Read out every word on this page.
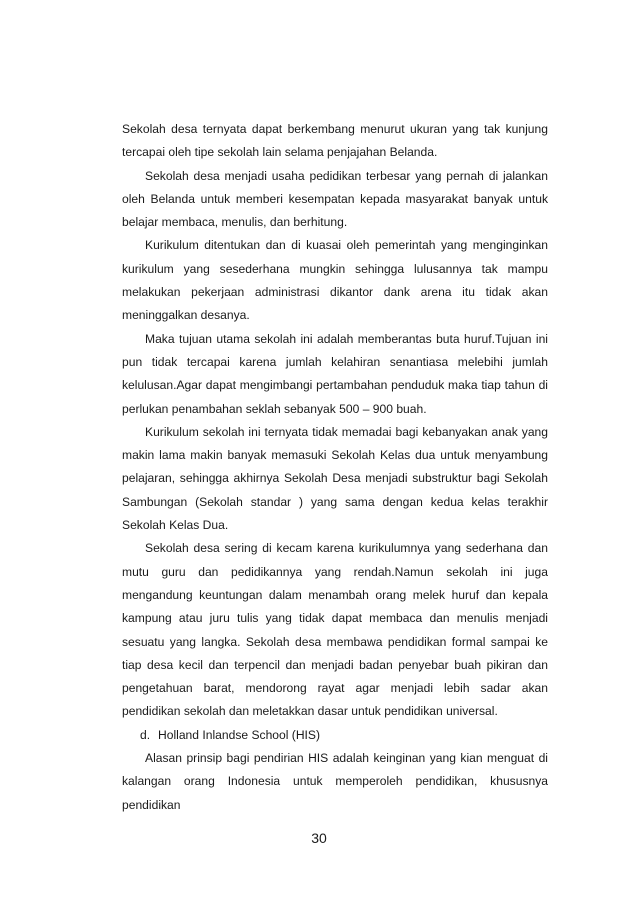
Sekolah desa ternyata dapat berkembang menurut ukuran yang tak kunjung tercapai oleh tipe sekolah lain selama penjajahan Belanda.

Sekolah desa menjadi usaha pedidikan terbesar yang pernah di jalankan oleh Belanda untuk memberi kesempatan kepada masyarakat banyak untuk belajar membaca, menulis, dan berhitung.

Kurikulum ditentukan dan di kuasai oleh pemerintah yang menginginkan kurikulum yang sesederhana mungkin sehingga lulusannya tak mampu melakukan pekerjaan administrasi dikantor dank arena itu tidak akan meninggalkan desanya.

Maka tujuan utama sekolah ini adalah memberantas buta huruf.Tujuan ini pun tidak tercapai karena jumlah kelahiran senantiasa melebihi jumlah kelulusan.Agar dapat mengimbangi pertambahan penduduk maka tiap tahun di perlukan penambahan seklah sebanyak 500 – 900 buah.

Kurikulum sekolah ini ternyata tidak memadai bagi kebanyakan anak yang makin lama makin banyak memasuki Sekolah Kelas dua untuk menyambung pelajaran, sehingga akhirnya Sekolah Desa menjadi substruktur bagi Sekolah Sambungan (Sekolah standar ) yang sama dengan kedua kelas terakhir Sekolah Kelas Dua.

Sekolah desa sering di kecam karena kurikulumnya yang sederhana dan mutu guru dan pedidikannya yang rendah.Namun sekolah ini juga mengandung keuntungan dalam menambah orang melek huruf dan kepala kampung atau juru tulis yang tidak dapat membaca dan menulis menjadi sesuatu yang langka. Sekolah desa membawa pendidikan formal sampai ke tiap desa kecil dan terpencil dan menjadi badan penyebar buah pikiran dan pengetahuan barat, mendorong rayat agar menjadi lebih sadar akan pendidikan sekolah dan meletakkan dasar untuk pendidikan universal.

d. Holland Inlandse School (HIS)

Alasan prinsip bagi pendirian HIS adalah keinginan yang kian menguat di kalangan orang Indonesia untuk memperoleh pendidikan, khususnya pendidikan

30
